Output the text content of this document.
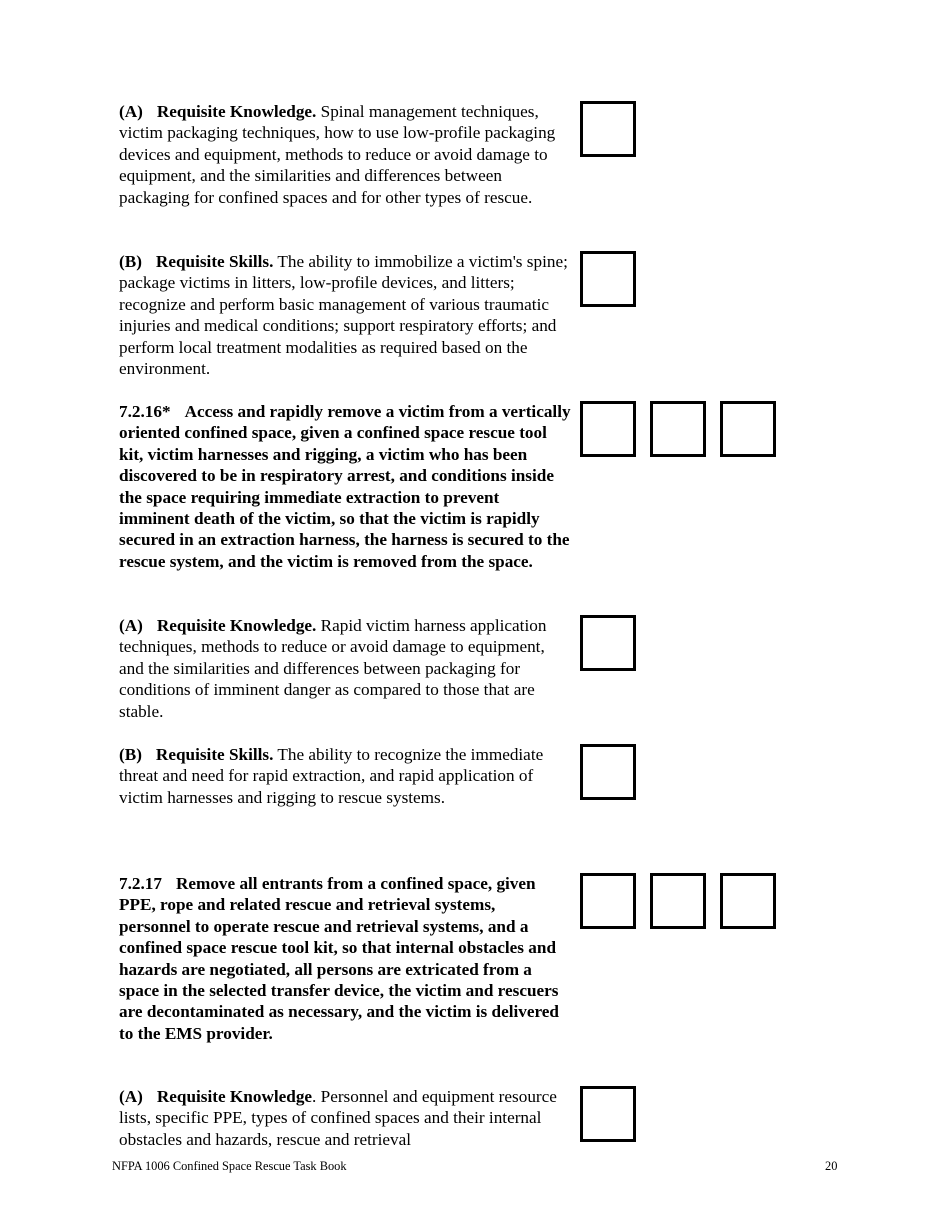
(A) Requisite Knowledge. Spinal management techniques, victim packaging techniques, how to use low-profile packaging devices and equipment, methods to reduce or avoid damage to equipment, and the similarities and differences between packaging for confined spaces and for other types of rescue.

(B) Requisite Skills. The ability to immobilize a victim's spine; package victims in litters, low-profile devices, and litters; recognize and perform basic management of various traumatic injuries and medical conditions; support respiratory efforts; and perform local treatment modalities as required based on the environment.

7.2.16* Access and rapidly remove a victim from a vertically oriented confined space, given a confined space rescue tool kit, victim harnesses and rigging, a victim who has been discovered to be in respiratory arrest, and conditions inside the space requiring immediate extraction to prevent imminent death of the victim, so that the victim is rapidly secured in an extraction harness, the harness is secured to the rescue system, and the victim is removed from the space.

(A) Requisite Knowledge. Rapid victim harness application techniques, methods to reduce or avoid damage to equipment, and the similarities and differences between packaging for conditions of imminent danger as compared to those that are stable.

(B) Requisite Skills. The ability to recognize the immediate threat and need for rapid extraction, and rapid application of victim harnesses and rigging to rescue systems.

7.2.17 Remove all entrants from a confined space, given PPE, rope and related rescue and retrieval systems, personnel to operate rescue and retrieval systems, and a confined space rescue tool kit, so that internal obstacles and hazards are negotiated, all persons are extricated from a space in the selected transfer device, the victim and rescuers are decontaminated as necessary, and the victim is delivered to the EMS provider.

(A) Requisite Knowledge. Personnel and equipment resource lists, specific PPE, types of confined spaces and their internal obstacles and hazards, rescue and retrieval

NFPA 1006 Confined Space Rescue Task Book	20
